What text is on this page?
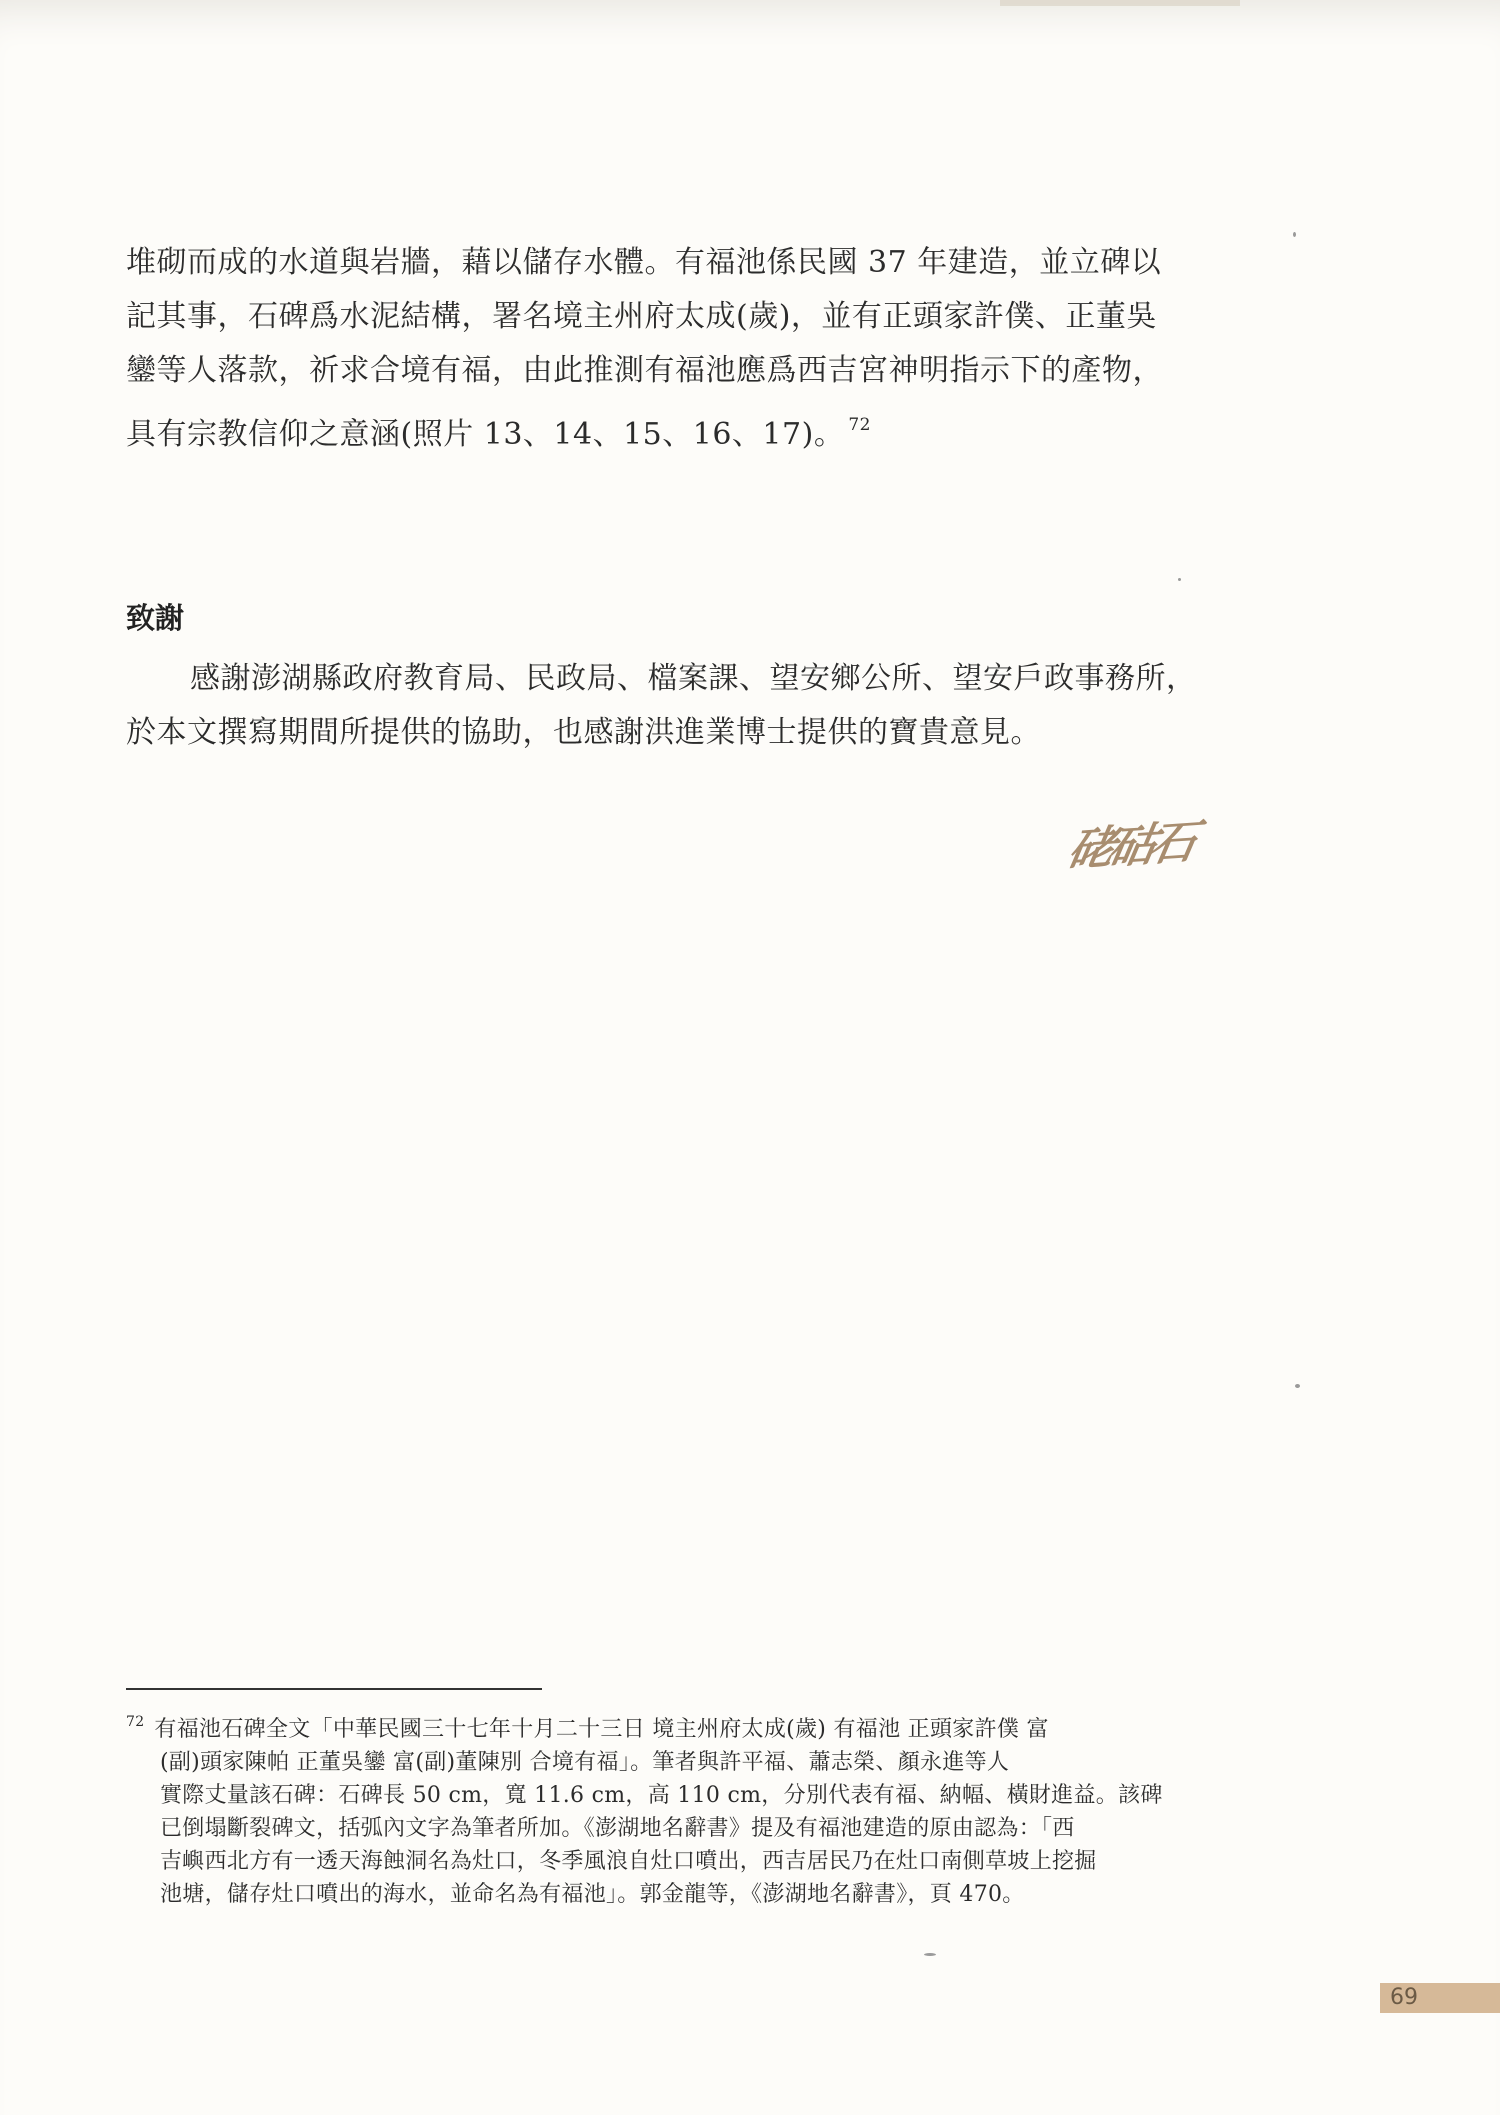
堆砌而成的水道與岩牆，藉以儲存水體。有福池係民國 37 年建造，並立碑以
記其事，石碑爲水泥結構，署名境主州府太成(歲)，並有正頭家許僕、正董吳
鑾等人落款，祈求合境有福，由此推測有福池應爲西吉宮神明指示下的產物，
具有宗教信仰之意涵(照片 13、14、15、16、17)。 $^{72}$
致謝
感謝澎湖縣政府教育局、民政局、檔案課、望安鄉公所、望安戶政事務所，
於本文撰寫期間所提供的協助，也感謝洪進業博士提供的寶貴意見。
硓𥑮石
$^{72}$ 有福池石碑全文「中華民國三十七年十月二十三日 境主州府太成(歲) 有福池 正頭家許僕 富
(副)頭家陳帕 正董吳鑾 富(副)董陳別 合境有福」。筆者與許平福、蕭志榮、顏永進等人
實際丈量該石碑：石碑長 50 cm，寬 11.6 cm，高 110 cm，分別代表有福、納幅、橫財進益。該碑
已倒塌斷裂碑文，括弧內文字為筆者所加。《澎湖地名辭書》提及有福池建造的原由認為：「西
吉嶼西北方有一透天海蝕洞名為灶口，冬季風浪自灶口噴出，西吉居民乃在灶口南側草坡上挖掘
池塘，儲存灶口噴出的海水，並命名為有福池」。郭金龍等，《澎湖地名辭書》，頁 470。
69
